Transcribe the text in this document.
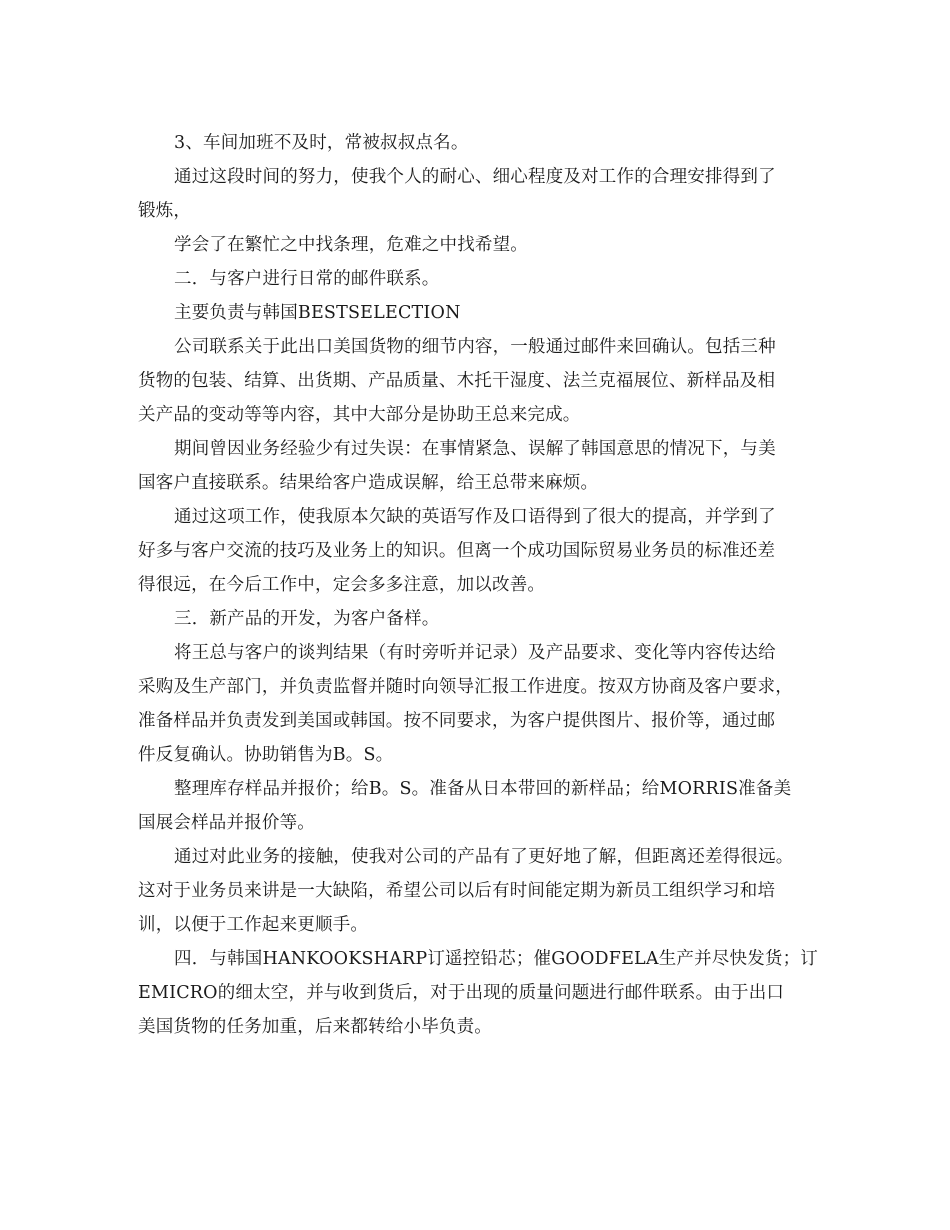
3、车间加班不及时，常被叔叔点名。
通过这段时间的努力，使我个人的耐心、细心程度及对工作的合理安排得到了
锻炼，
学会了在繁忙之中找条理，危难之中找希望。
二．与客户进行日常的邮件联系。
主要负责与韩国BESTSELECTION
公司联系关于此出口美国货物的细节内容，一般通过邮件来回确认。包括三种
货物的包装、结算、出货期、产品质量、木托干湿度、法兰克福展位、新样品及相
关产品的变动等等内容，其中大部分是协助王总来完成。
期间曾因业务经验少有过失误：在事情紧急、误解了韩国意思的情况下，与美
国客户直接联系。结果给客户造成误解，给王总带来麻烦。
通过这项工作，使我原本欠缺的英语写作及口语得到了很大的提高，并学到了
好多与客户交流的技巧及业务上的知识。但离一个成功国际贸易业务员的标准还差
得很远，在今后工作中，定会多多注意，加以改善。
三．新产品的开发，为客户备样。
将王总与客户的谈判结果（有时旁听并记录）及产品要求、变化等内容传达给
采购及生产部门，并负责监督并随时向领导汇报工作进度。按双方协商及客户要求，
准备样品并负责发到美国或韩国。按不同要求，为客户提供图片、报价等，通过邮
件反复确认。协助销售为B。S。
整理库存样品并报价；给B。S。准备从日本带回的新样品；给MORRIS准备美
国展会样品并报价等。
通过对此业务的接触，使我对公司的产品有了更好地了解，但距离还差得很远。
这对于业务员来讲是一大缺陷，希望公司以后有时间能定期为新员工组织学习和培
训，以便于工作起来更顺手。
四．与韩国HANKOOKSHARP订遥控铅芯；催GOODFELA生产并尽快发货；订
EMICRO的细太空，并与收到货后，对于出现的质量问题进行邮件联系。由于出口
美国货物的任务加重，后来都转给小毕负责。
